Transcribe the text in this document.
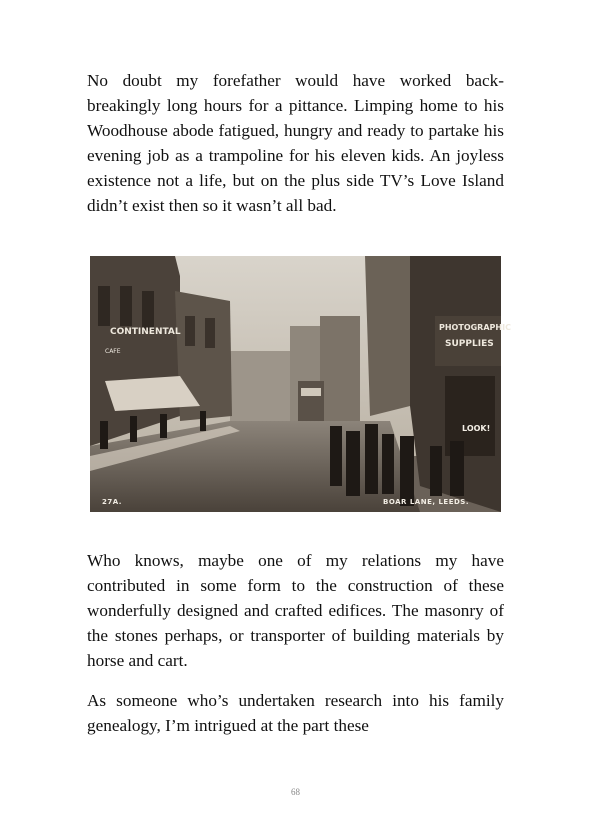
No doubt my forefather would have worked back-breakingly long hours for a pittance. Limping home to his Woodhouse abode fatigued, hungry and ready to partake his evening job as a trampoline for his eleven kids. An joyless existence not a life, but on the plus side TV’s Love Island didn’t exist then so it wasn’t all bad.

CONTINENTAL
CAFE
PHOTOGRAPHIC
SUPPLIES
LOOK!
27A.	BOAR LANE, LEEDS.

Who knows, maybe one of my relations my have contributed in some form to the construction of these wonderfully designed and crafted edifices. The masonry of the stones perhaps, or transporter of building materials by horse and cart.

As someone who’s undertaken research into his family genealogy, I’m intrigued at the part these

68
